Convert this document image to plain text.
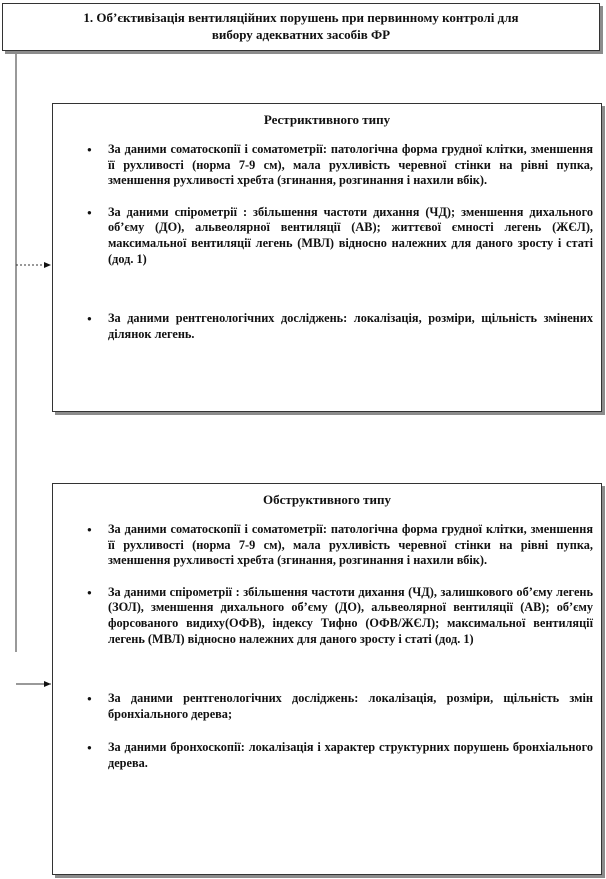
1. Об’єктивізація вентиляційних порушень при первинному контролі для
вибору адекватних засобів ФР
Рестриктивного типу
● За даними соматоскопії і соматометрії: патологічна форма грудної клітки, зменшення її рухливості (норма 7-9 см), мала рухливість черевної стінки на рівні пупка, зменшення рухливості хребта (згинання, розгинання і нахили вбік).
● За даними спірометрії : збільшення частоти дихання (ЧД); зменшення дихального об’єму (ДО), альвеолярної вентиляції (АВ); життєвої ємності легень (ЖЄЛ), максимальної вентиляції легень (МВЛ) відносно належних для даного зросту і статі (дод. 1)
● За даними рентгенологічних досліджень: локалізація, розміри, щільність змінених ділянок легень.
Обструктивного типу
● За даними соматоскопії і соматометрії: патологічна форма грудної клітки, зменшення її рухливості (норма 7-9 см), мала рухливість черевної стінки на рівні пупка, зменшення рухливості хребта (згинання, розгинання і нахили вбік).
● За даними спірометрії : збільшення частоти дихання (ЧД), залишкового об’єму легень (ЗОЛ), зменшення дихального об’єму (ДО), альвеолярної вентиляції (АВ); об’єму форсованого видиху(ОФВ), індексу Тифно (ОФВ/ЖЄЛ); максимальної вентиляції легень (МВЛ) відносно належних для даного зросту і статі (дод. 1)
● За даними рентгенологічних досліджень: локалізація, розміри, щільність змін бронхіального дерева;
● За даними бронхоскопії: локалізація і характер структурних порушень бронхіального дерева.
